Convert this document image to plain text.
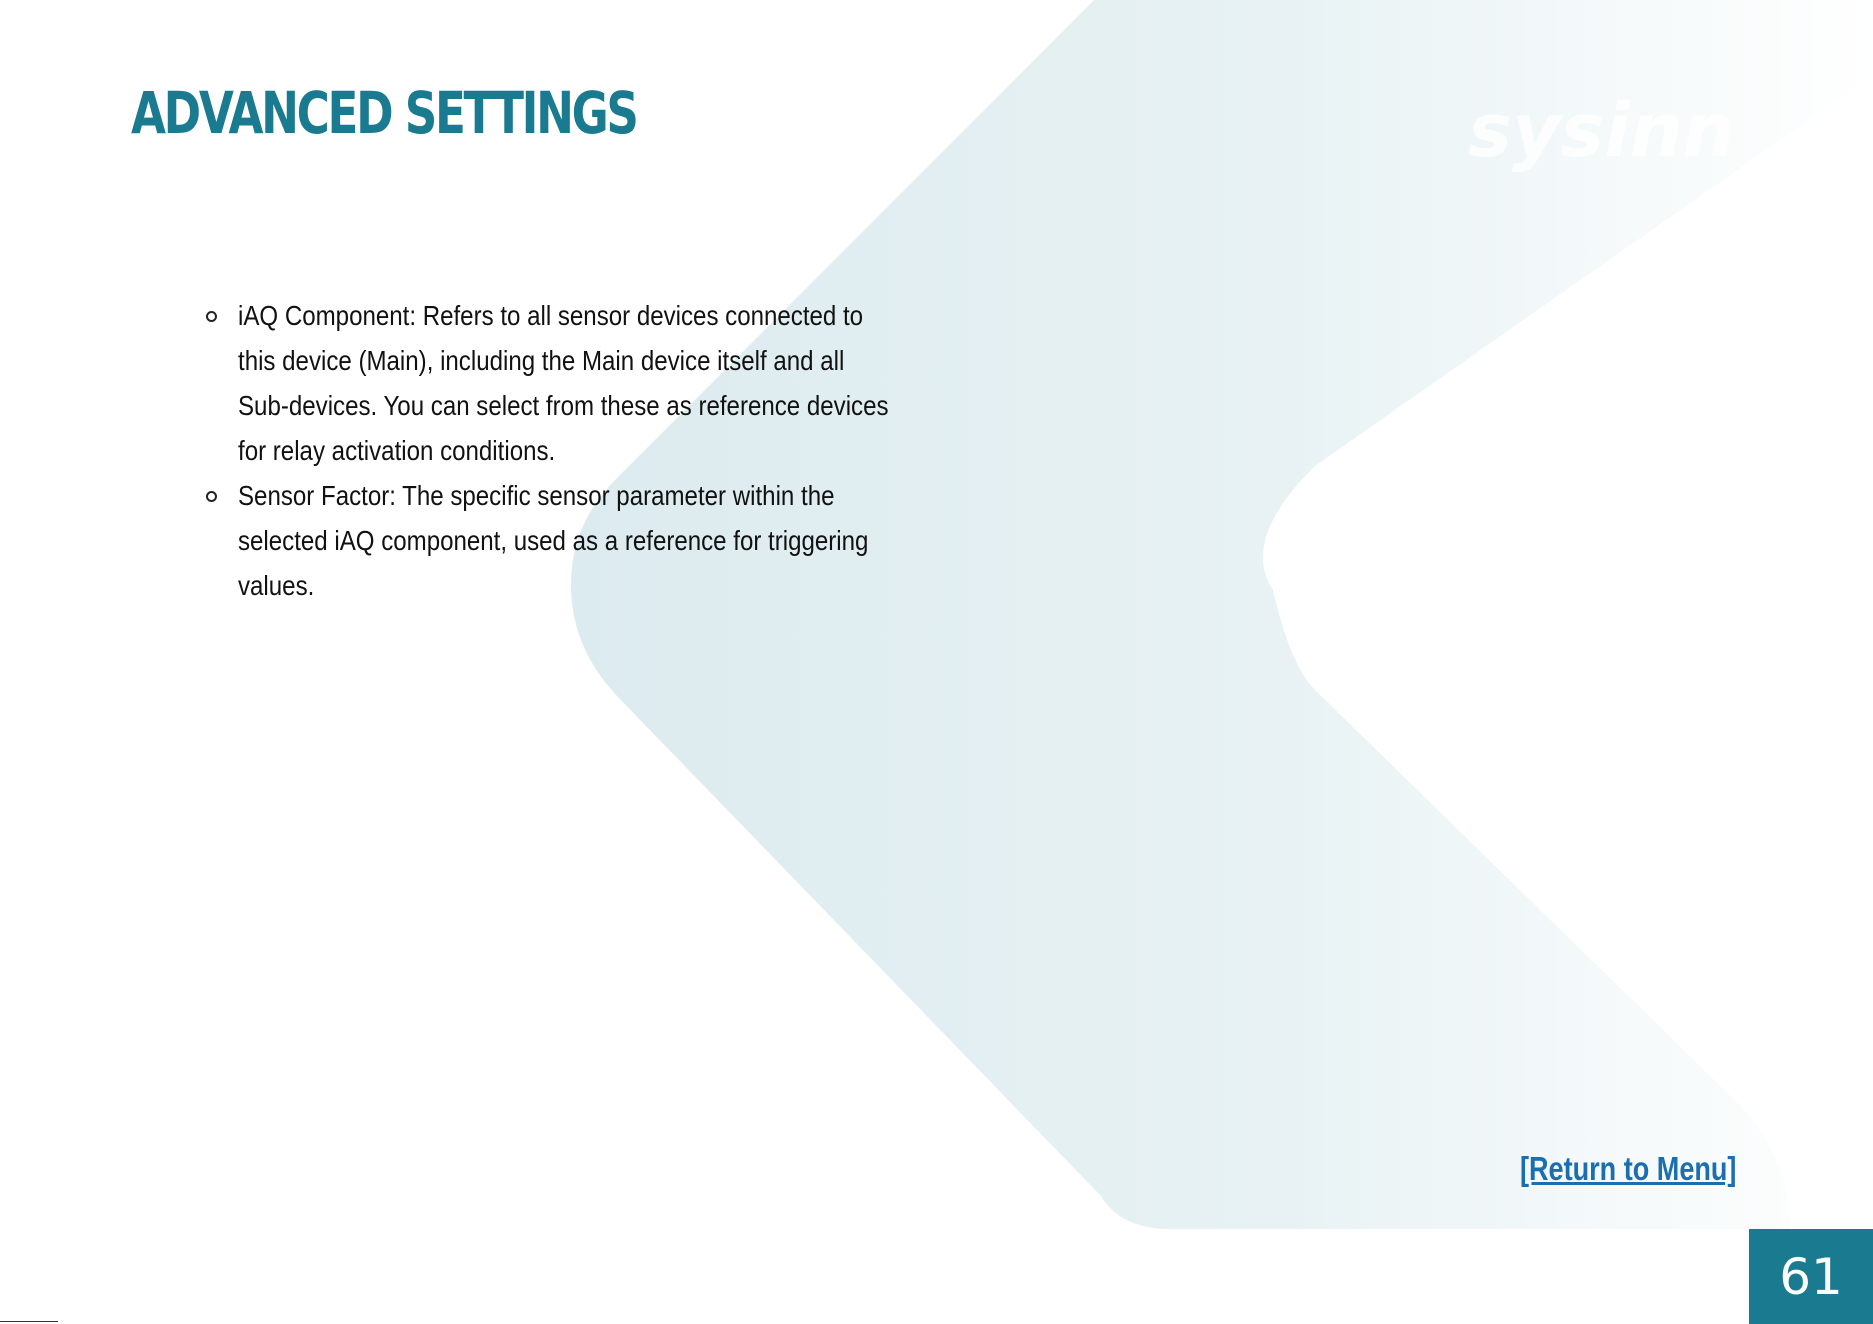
sysinn
ADVANCED SETTINGS
iAQ Component: Refers to all sensor devices connected to this device (Main), including the Main device itself and all Sub-devices. You can select from these as reference devices for relay activation conditions.
Sensor Factor: The specific sensor parameter within the selected iAQ component, used as a reference for triggering values.
[Return to Menu]
61
